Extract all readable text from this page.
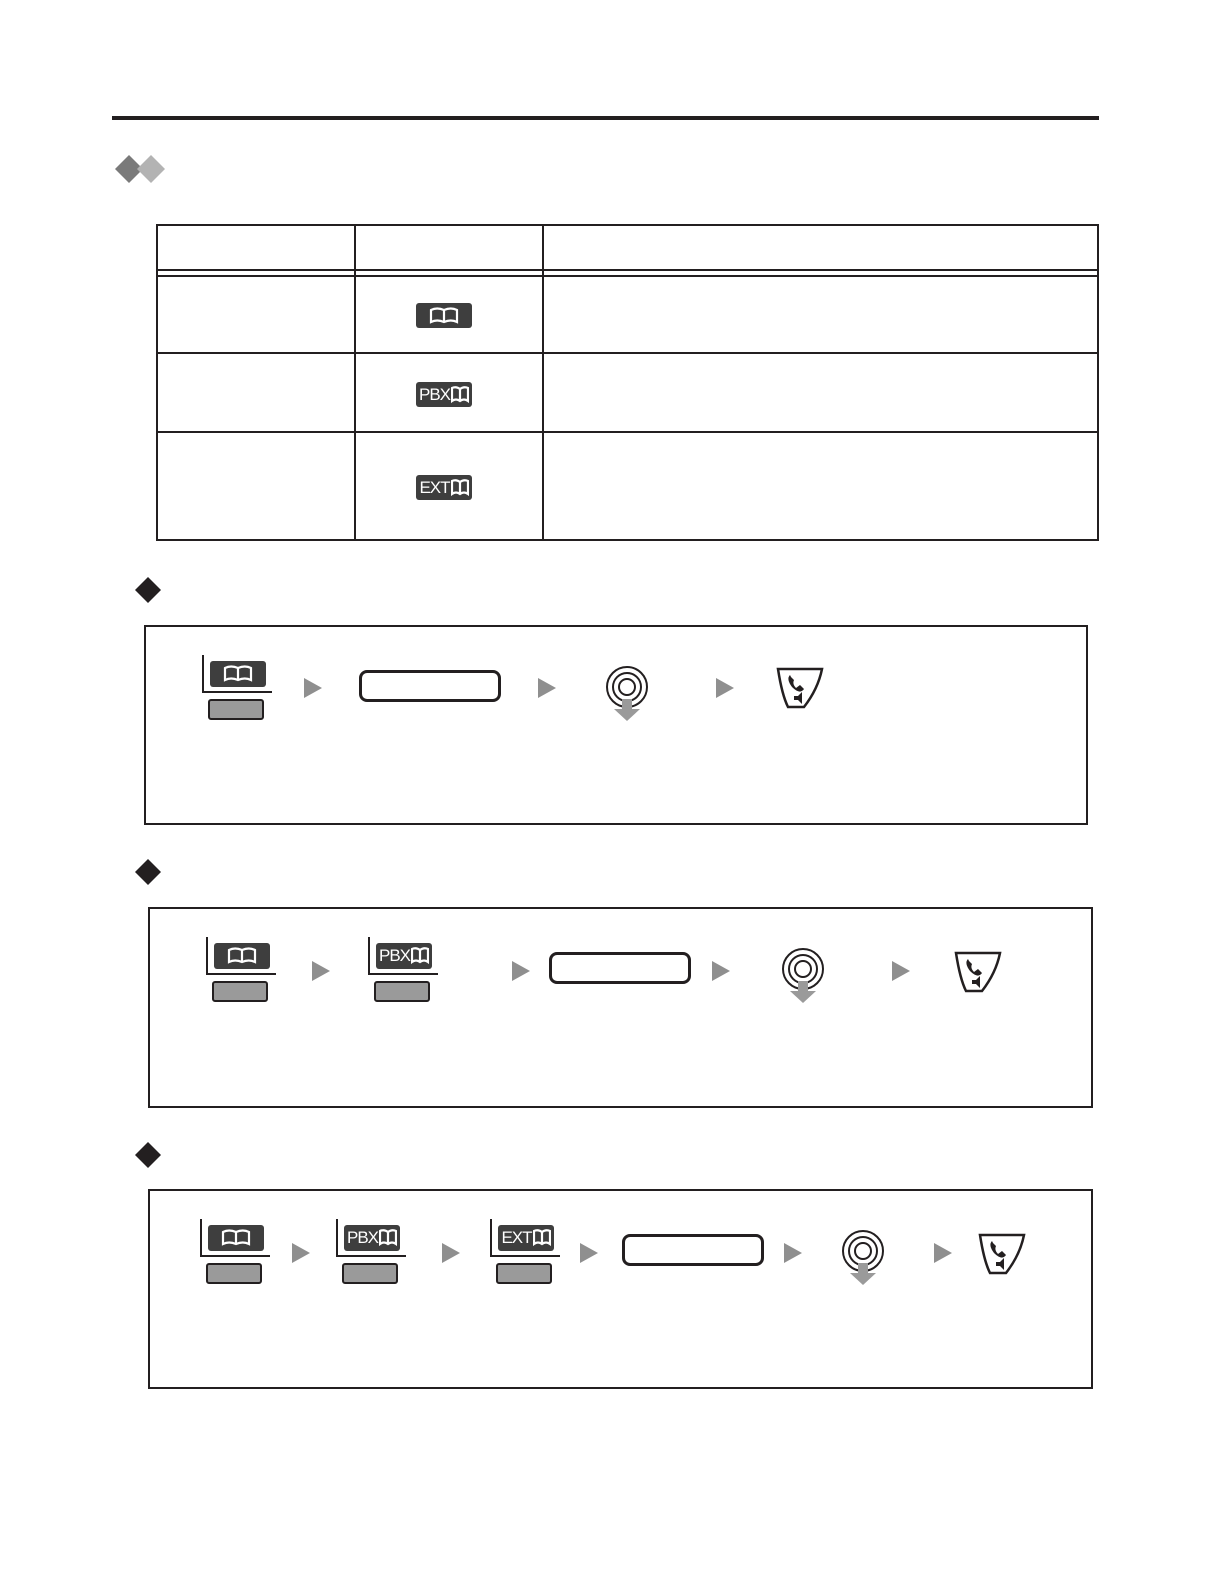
PBX
EXT
PBX
PBX	EXT
